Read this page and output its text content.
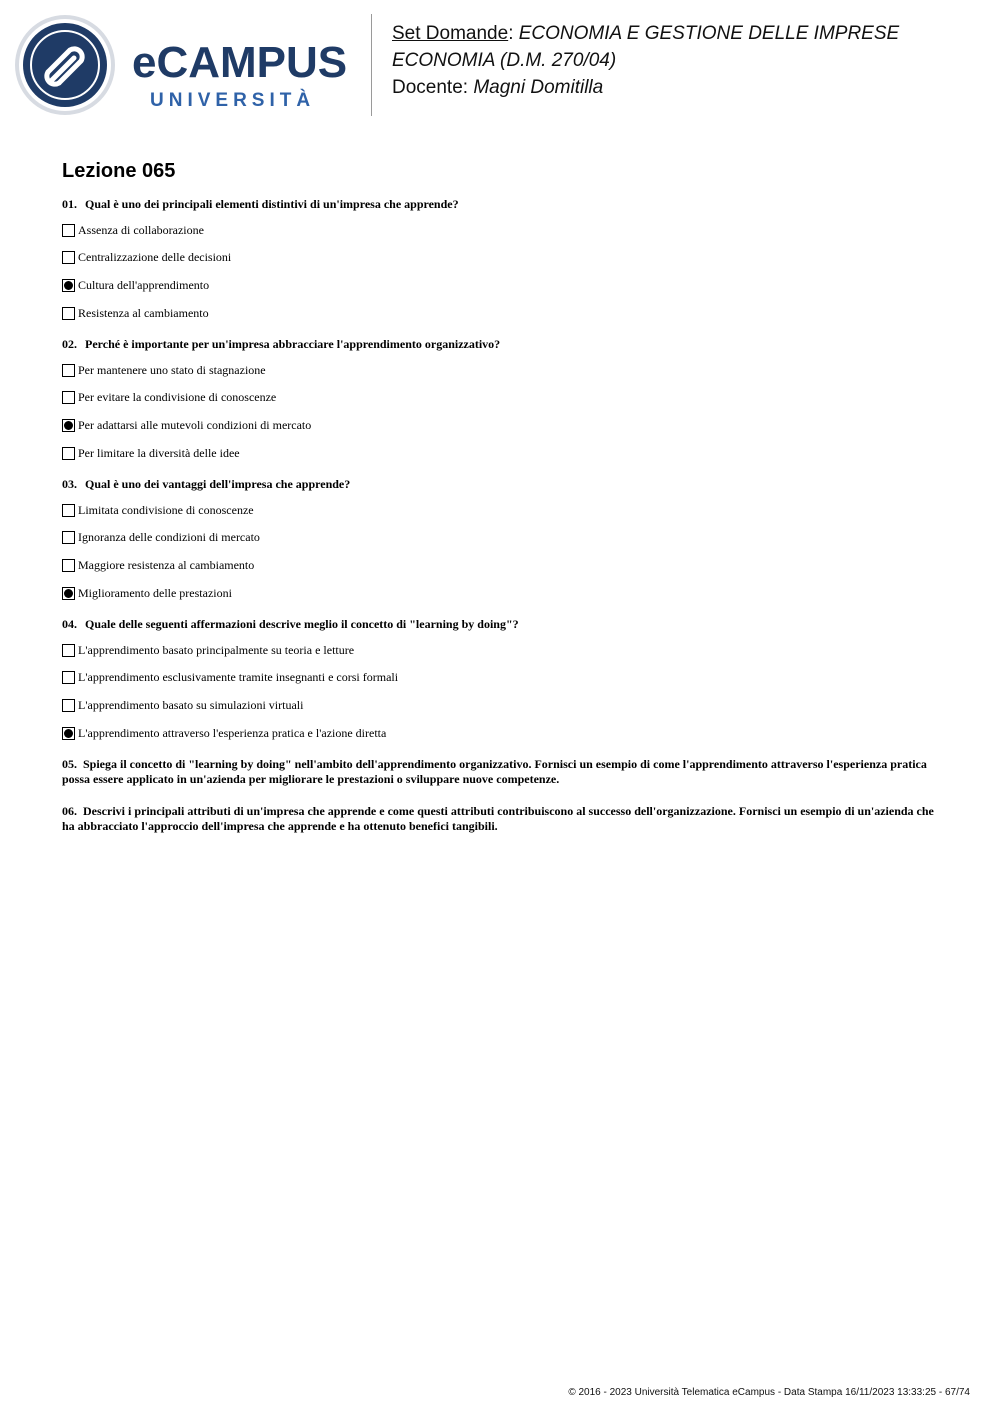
eCAMPUS
UNIVERSITÀ
Set Domande: ECONOMIA E GESTIONE DELLE IMPRESE
ECONOMIA (D.M. 270/04)
Docente: Magni Domitilla
Lezione 065
01. Qual è uno dei principali elementi distintivi di un'impresa che apprende?
Assenza di collaborazione
Centralizzazione delle decisioni
Cultura dell'apprendimento
Resistenza al cambiamento
02. Perché è importante per un'impresa abbracciare l'apprendimento organizzativo?
Per mantenere uno stato di stagnazione
Per evitare la condivisione di conoscenze
Per adattarsi alle mutevoli condizioni di mercato
Per limitare la diversità delle idee
03. Qual è uno dei vantaggi dell'impresa che apprende?
Limitata condivisione di conoscenze
Ignoranza delle condizioni di mercato
Maggiore resistenza al cambiamento
Miglioramento delle prestazioni
04. Quale delle seguenti affermazioni descrive meglio il concetto di "learning by doing"?
L'apprendimento basato principalmente su teoria e letture
L'apprendimento esclusivamente tramite insegnanti e corsi formali
L'apprendimento basato su simulazioni virtuali
L'apprendimento attraverso l'esperienza pratica e l'azione diretta
05. Spiega il concetto di "learning by doing" nell'ambito dell'apprendimento organizzativo. Fornisci un esempio di come l'apprendimento attraverso l'esperienza pratica possa essere applicato in un'azienda per migliorare le prestazioni o sviluppare nuove competenze.
06. Descrivi i principali attributi di un'impresa che apprende e come questi attributi contribuiscono al successo dell'organizzazione. Fornisci un esempio di un'azienda che ha abbracciato l'approccio dell'impresa che apprende e ha ottenuto benefici tangibili.
© 2016 - 2023 Università Telematica eCampus - Data Stampa 16/11/2023 13:33:25 - 67/74
